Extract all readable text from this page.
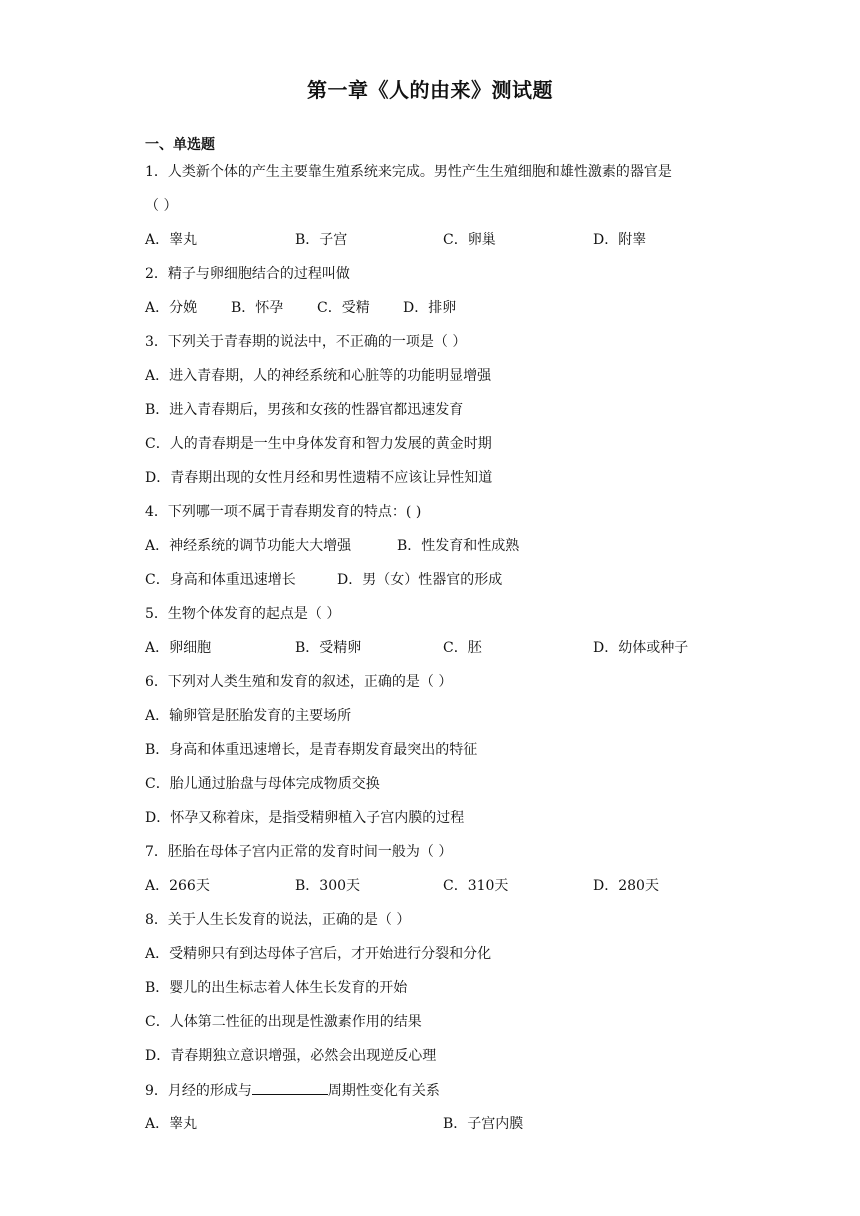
第一章《人的由来》测试题
一、单选题
1．人类新个体的产生主要靠生殖系统来完成。男性产生生殖细胞和雄性激素的器官是
（ ）
A．睾丸	B．子宫	C．卵巢	D．附睾
2．精子与卵细胞结合的过程叫做
A．分娩 B．怀孕 C．受精 D．排卵
3．下列关于青春期的说法中，不正确的一项是（ ）
A．进入青春期，人的神经系统和心脏等的功能明显增强
B．进入青春期后，男孩和女孩的性器官都迅速发育
C．人的青春期是一生中身体发育和智力发展的黄金时期
D．青春期出现的女性月经和男性遗精不应该让异性知道
4．下列哪一项不属于青春期发育的特点：( )
A．神经系统的调节功能大大增强	B．性发育和性成熟
C．身高和体重迅速增长	D．男（女）性器官的形成
5．生物个体发育的起点是（ ）
A．卵细胞	B．受精卵	C．胚	D．幼体或种子
6．下列对人类生殖和发育的叙述，正确的是（ ）
A．输卵管是胚胎发育的主要场所
B．身高和体重迅速增长，是青春期发育最突出的特征
C．胎儿通过胎盘与母体完成物质交换
D．怀孕又称着床，是指受精卵植入子宫内膜的过程
7．胚胎在母体子宫内正常的发育时间一般为（ ）
A．266天	B．300天	C．310天	D．280天
8．关于人生长发育的说法，正确的是（ ）
A．受精卵只有到达母体子宫后，才开始进行分裂和分化
B．婴儿的出生标志着人体生长发育的开始
C．人体第二性征的出现是性激素作用的结果
D．青春期独立意识增强，必然会出现逆反心理
9．月经的形成与	周期性变化有关系
A．睾丸	B．子宫内膜
